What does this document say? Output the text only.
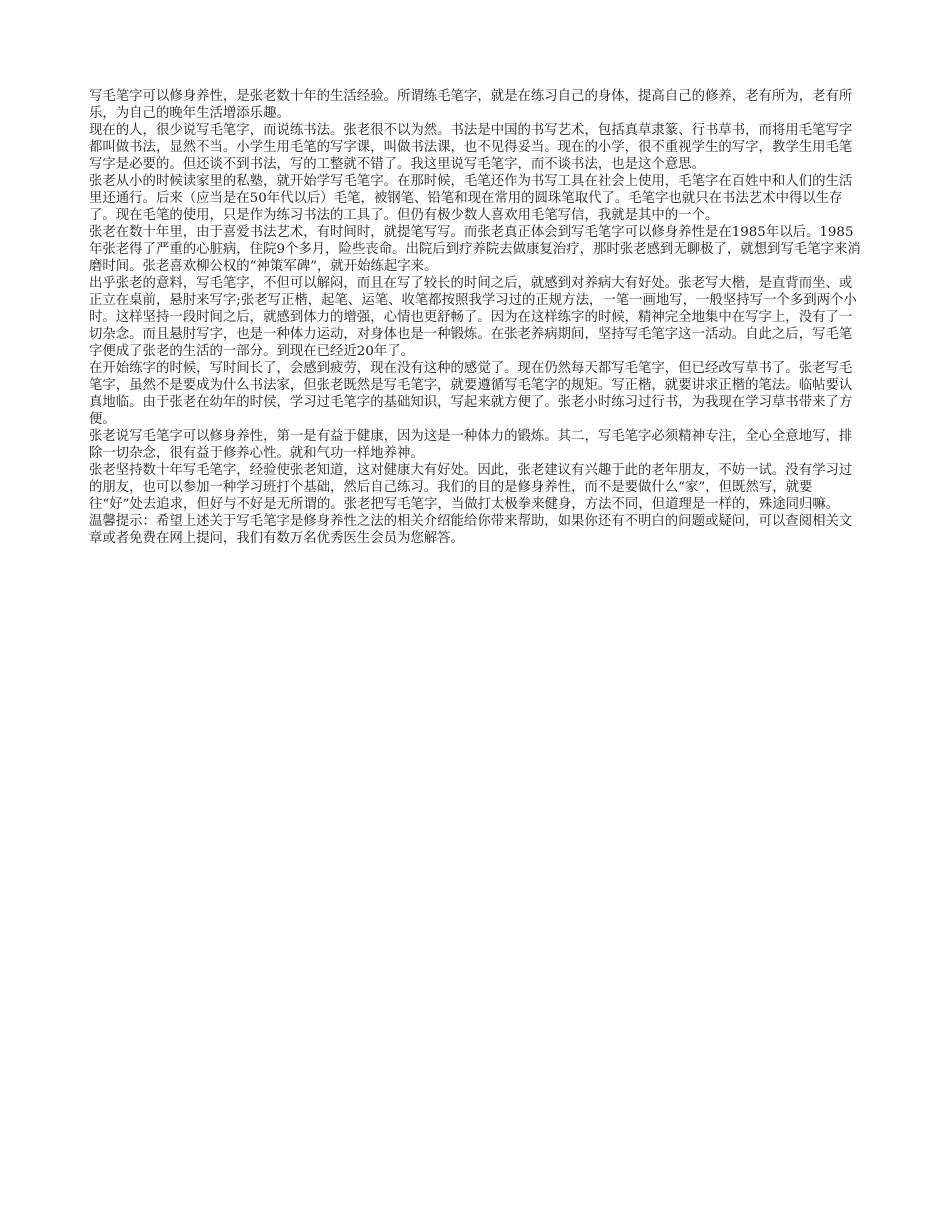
写毛笔字可以修身养性，是张老数十年的生活经验。所谓练毛笔字，就是在练习自己的身体，提高自己的修养，老有所为，老有所乐，为自己的晚年生活增添乐趣。

现在的人，很少说写毛笔字，而说练书法。张老很不以为然。书法是中国的书写艺术，包括真草隶篆、行书草书，而将用毛笔写字都叫做书法，显然不当。小学生用毛笔的写字课，叫做书法课，也不见得妥当。现在的小学，很不重视学生的写字，教学生用毛笔写字是必要的。但还谈不到书法，写的工整就不错了。我这里说写毛笔字，而不谈书法，也是这个意思。

张老从小的时候读家里的私塾，就开始学写毛笔字。在那时候，毛笔还作为书写工具在社会上使用，毛笔字在百姓中和人们的生活里还通行。后来（应当是在50年代以后）毛笔，被钢笔、铅笔和现在常用的圆珠笔取代了。毛笔字也就只在书法艺术中得以生存了。现在毛笔的使用，只是作为练习书法的工具了。但仍有极少数人喜欢用毛笔写信，我就是其中的一个。

张老在数十年里，由于喜爱书法艺术，有时间时，就提笔写写。而张老真正体会到写毛笔字可以修身养性是在1985年以后。1985年张老得了严重的心脏病，住院9个多月，险些丧命。出院后到疗养院去做康复治疗，那时张老感到无聊极了，就想到写毛笔字来消磨时间。张老喜欢柳公权的“神策军碑”，就开始练起字来。

出乎张老的意料，写毛笔字，不但可以解闷，而且在写了较长的时间之后，就感到对养病大有好处。张老写大楷，是直背而坐、或正立在桌前，悬肘来写字;张老写正楷，起笔、运笔、收笔都按照我学习过的正规方法，一笔一画地写，一般坚持写一个多到两个小时。这样坚持一段时间之后，就感到体力的增强，心情也更舒畅了。因为在这样练字的时候，精神完全地集中在写字上，没有了一切杂念。而且悬肘写字，也是一种体力运动，对身体也是一种锻炼。在张老养病期间，坚持写毛笔字这一活动。自此之后，写毛笔字便成了张老的生活的一部分。到现在已经近20年了。

在开始练字的时候，写时间长了，会感到疲劳，现在没有这种的感觉了。现在仍然每天都写毛笔字，但已经改写草书了。张老写毛笔字，虽然不是要成为什么书法家，但张老既然是写毛笔字，就要遵循写毛笔字的规矩。写正楷，就要讲求正楷的笔法。临帖要认真地临。由于张老在幼年的时侯，学习过毛笔字的基础知识，写起来就方便了。张老小时练习过行书，为我现在学习草书带来了方便。

张老说写毛笔字可以修身养性，第一是有益于健康，因为这是一种体力的锻炼。其二，写毛笔字必须精神专注，全心全意地写，排除一切杂念，很有益于修养心性。就和气功一样地养神。

张老坚持数十年写毛笔字，经验使张老知道，这对健康大有好处。因此，张老建议有兴趣于此的老年朋友，不妨一试。没有学习过的朋友，也可以参加一种学习班打个基础，然后自己练习。我们的目的是修身养性，而不是要做什么“家”，但既然写，就要往“好”处去追求，但好与不好是无所谓的。张老把写毛笔字，当做打太极拳来健身，方法不同，但道理是一样的，殊途同归嘛。

温馨提示：希望上述关于写毛笔字是修身养性之法的相关介绍能给你带来帮助，如果你还有不明白的问题或疑问，可以查阅相关文章或者免费在网上提问，我们有数万名优秀医生会员为您解答。
